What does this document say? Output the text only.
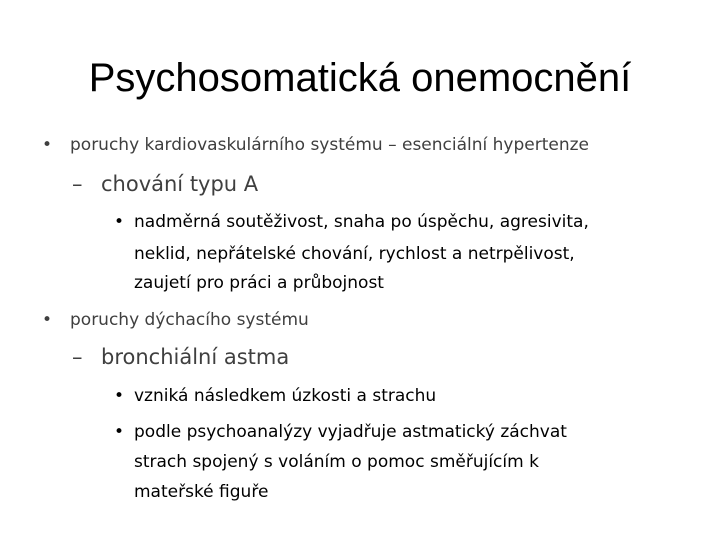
Psychosomatická onemocnění
• poruchy kardiovaskulárního systému – esenciální hypertenze
– chování typu A
• nadměrná soutěživost, snaha po úspěchu, agresivita,
neklid, nepřátelské chování, rychlost a netrpělivost,
zaujetí pro práci a průbojnost
• poruchy dýchacího systému
– bronchiální astma
• vzniká následkem úzkosti a strachu
• podle psychoanalýzy vyjadřuje astmatický záchvat
strach spojený s voláním o pomoc směřujícím k
mateřské figuře
